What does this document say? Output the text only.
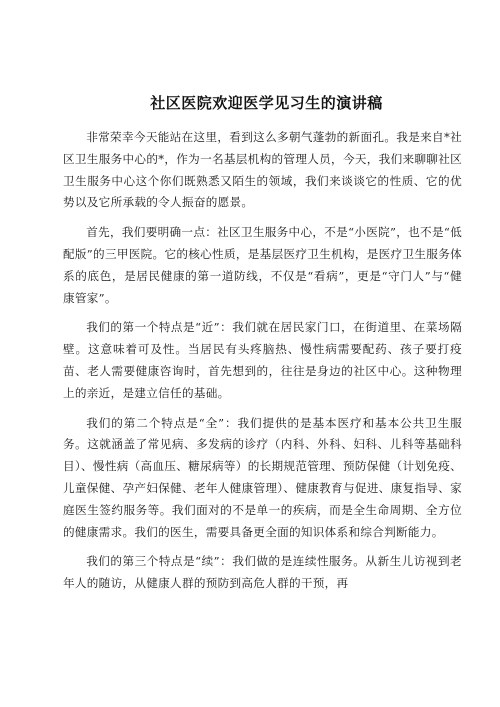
社区医院欢迎医学见习生的演讲稿

非常荣幸今天能站在这里，看到这么多朝气蓬勃的新面孔。我是来自*社区卫生服务中心的*，作为一名基层机构的管理人员，今天，我们来聊聊社区卫生服务中心这个你们既熟悉又陌生的领域，我们来谈谈它的性质、它的优势以及它所承载的令人振奋的愿景。

首先，我们要明确一点：社区卫生服务中心，不是“小医院”，也不是“低配版”的三甲医院。它的核心性质，是基层医疗卫生机构，是医疗卫生服务体系的底色，是居民健康的第一道防线，不仅是“看病”，更是“守门人”与“健康管家”。

我们的第一个特点是“近”：我们就在居民家门口，在街道里、在菜场隔壁。这意味着可及性。当居民有头疼脑热、慢性病需要配药、孩子要打疫苗、老人需要健康咨询时，首先想到的，往往是身边的社区中心。这种物理上的亲近，是建立信任的基础。

我们的第二个特点是“全”：我们提供的是基本医疗和基本公共卫生服务。这就涵盖了常见病、多发病的诊疗（内科、外科、妇科、儿科等基础科目）、慢性病（高血压、糖尿病等）的长期规范管理、预防保健（计划免疫、儿童保健、孕产妇保健、老年人健康管理）、健康教育与促进、康复指导、家庭医生签约服务等。我们面对的不是单一的疾病，而是全生命周期、全方位的健康需求。我们的医生，需要具备更全面的知识体系和综合判断能力。

我们的第三个特点是“续”：我们做的是连续性服务。从新生儿访视到老年人的随访，从健康人群的预防到高危人群的干预，再
